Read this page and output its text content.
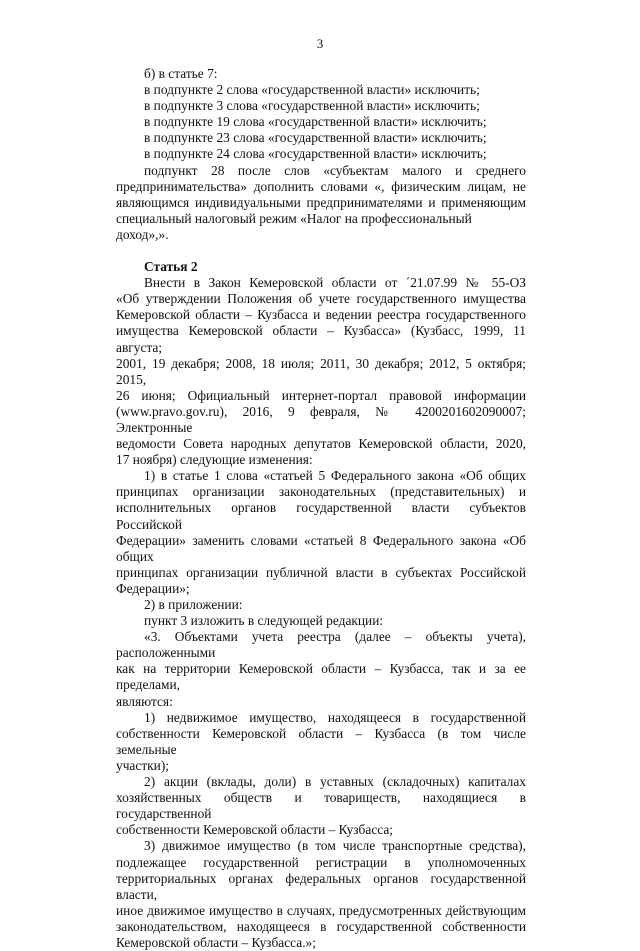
3

б) в статье 7:

в подпункте 2 слова «государственной власти» исключить;

в подпункте 3 слова «государственной власти» исключить;

в подпункте 19 слова «государственной власти» исключить;

в подпункте 23 слова «государственной власти» исключить;

в подпункте 24 слова «государственной власти» исключить;

подпункт 28 после слов «субъектам малого и среднего

предпринимательства» дополнить словами «, физическим лицам, не

являющимся индивидуальными предпринимателями и применяющим

специальный налоговый режим «Налог на профессиональный доход»,».

Статья 2

Внести в Закон Кемеровской области от ´21.07.99 № 55-ОЗ

«Об утверждении Положения об учете государственного имущества

Кемеровской области – Кузбасса и ведении реестра государственного

имущества Кемеровской области – Кузбасса» (Кузбасс, 1999, 11 августа;

2001, 19 декабря; 2008, 18 июля; 2011, 30 декабря; 2012, 5 октября; 2015,

26 июня; Официальный интернет-портал правовой информации

(www.pravo.gov.ru), 2016, 9 февраля, № 4200201602090007; Электронные

ведомости Совета народных депутатов Кемеровской области, 2020,

17 ноября) следующие изменения:

1) в статье 1 слова «статьей 5 Федерального закона «Об общих

принципах организации законодательных (представительных) и

исполнительных органов государственной власти субъектов Российской

Федерации» заменить словами «статьей 8 Федерального закона «Об общих

принципах организации публичной власти в субъектах Российской

Федерации»;

2) в приложении:

пункт 3 изложить в следующей редакции:

«3. Объектами учета реестра (далее – объекты учета), расположенными

как на территории Кемеровской области – Кузбасса, так и за ее пределами,

являются:

1) недвижимое имущество, находящееся в государственной

собственности Кемеровской области – Кузбасса (в том числе земельные

участки);

2) акции (вклады, доли) в уставных (складочных) капиталах

хозяйственных обществ и товариществ, находящиеся в государственной

собственности Кемеровской области – Кузбасса;

3) движимое имущество (в том числе транспортные средства),

подлежащее государственной регистрации в уполномоченных

территориальных органах федеральных органов государственной власти,

иное движимое имущество в случаях, предусмотренных действующим

законодательством, находящееся в государственной собственности

Кемеровской области – Кузбасса.»;
